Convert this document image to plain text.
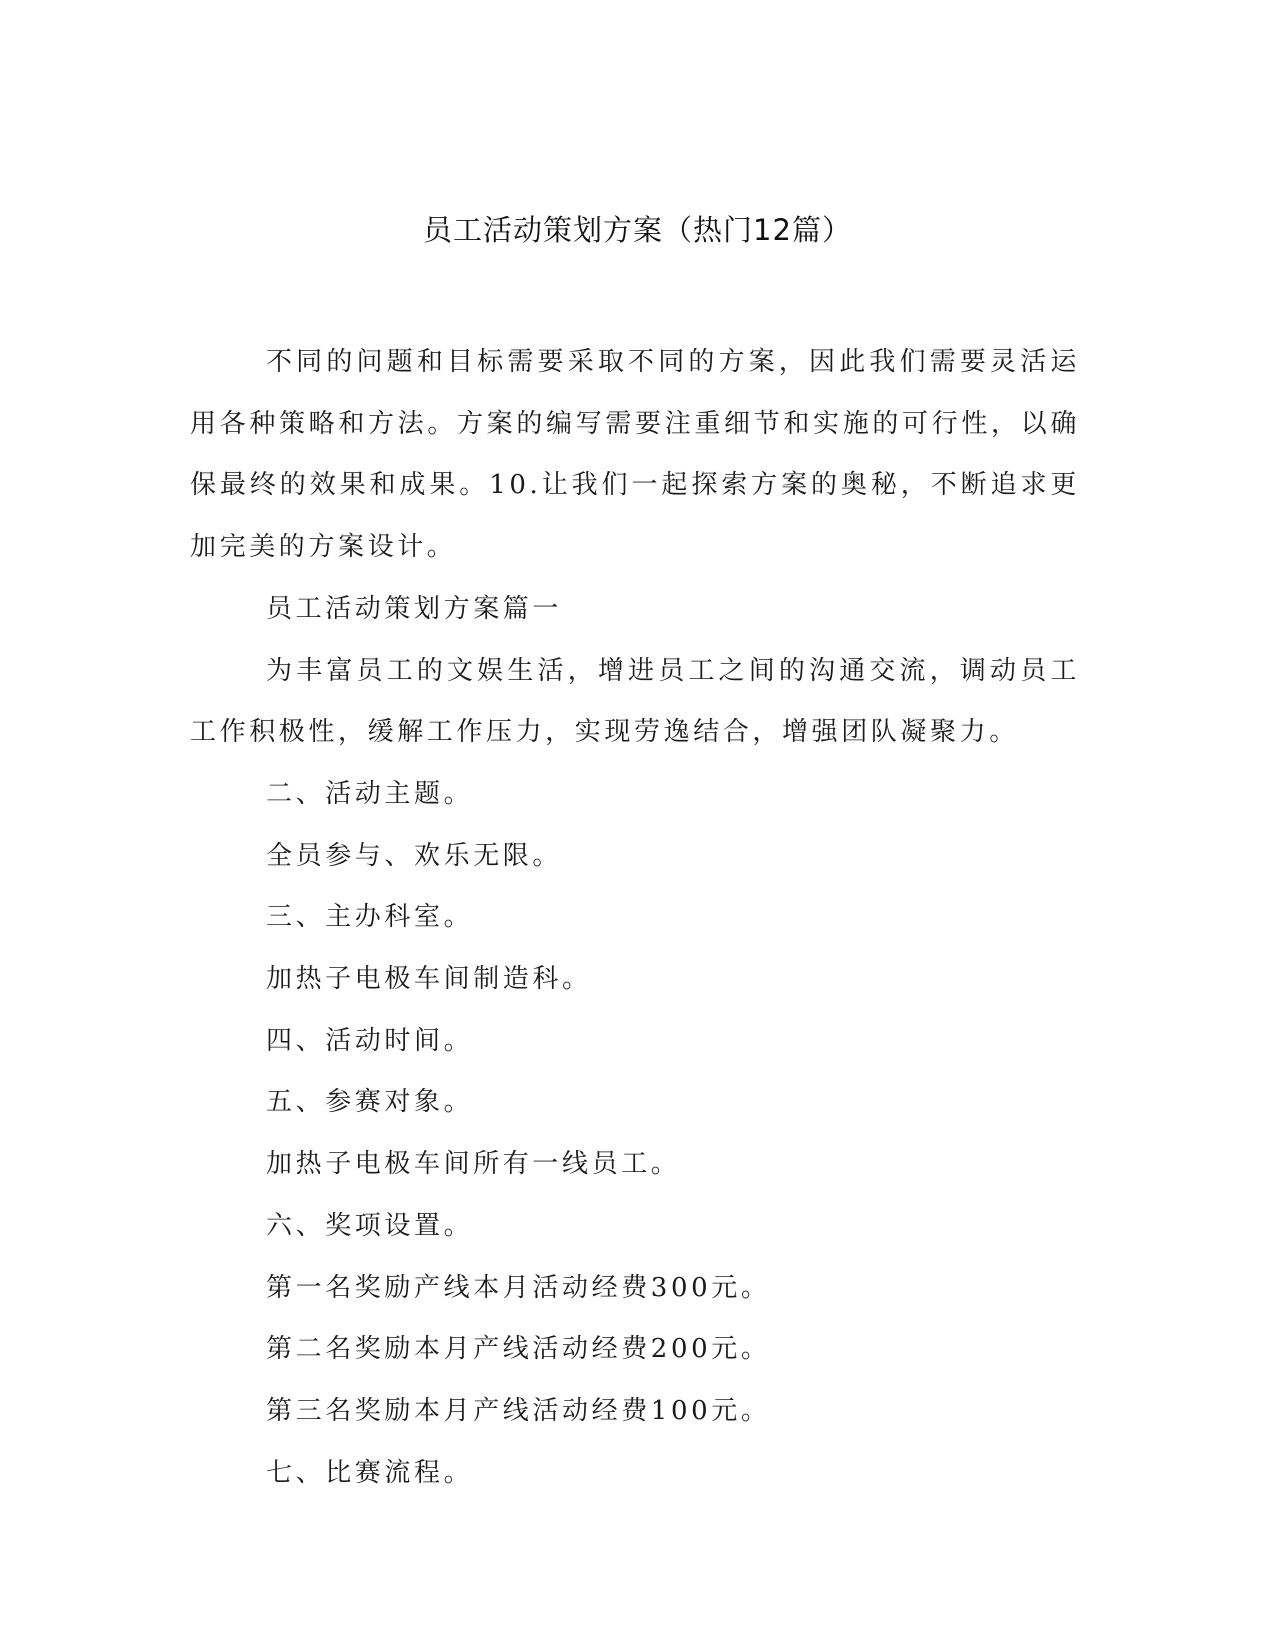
员工活动策划方案（热门12篇）

不同的问题和目标需要采取不同的方案，因此我们需要灵活运用各种策略和方法。方案的编写需要注重细节和实施的可行性，以确保最终的效果和成果。10.让我们一起探索方案的奥秘，不断追求更加完美的方案设计。

员工活动策划方案篇一

为丰富员工的文娱生活，增进员工之间的沟通交流，调动员工工作积极性，缓解工作压力，实现劳逸结合，增强团队凝聚力。

二、活动主题。

全员参与、欢乐无限。

三、主办科室。

加热子电极车间制造科。

四、活动时间。

五、参赛对象。

加热子电极车间所有一线员工。

六、奖项设置。

第一名奖励产线本月活动经费300元。

第二名奖励本月产线活动经费200元。

第三名奖励本月产线活动经费100元。

七、比赛流程。
